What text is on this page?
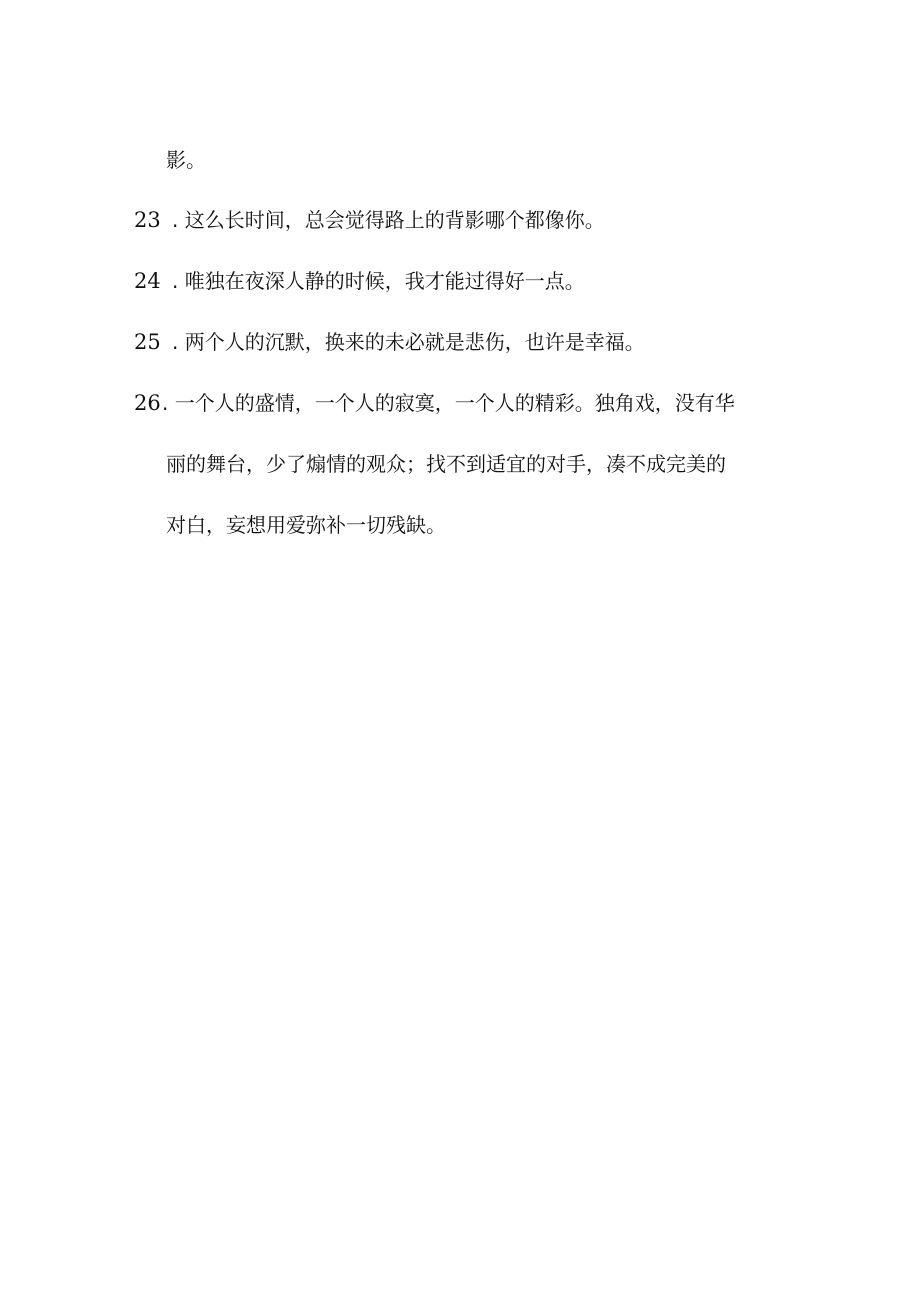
影。
23 . 这么长时间，总会觉得路上的背影哪个都像你。
24 . 唯独在夜深人静的时候，我才能过得好一点。
25 . 两个人的沉默，换来的未必就是悲伤，也许是幸福。
26 . 一个人的盛情，一个人的寂寞，一个人的精彩。独角戏，没有华
丽的舞台，少了煽情的观众；找不到适宜的对手，凑不成完美的
对白，妄想用爱弥补一切残缺。
